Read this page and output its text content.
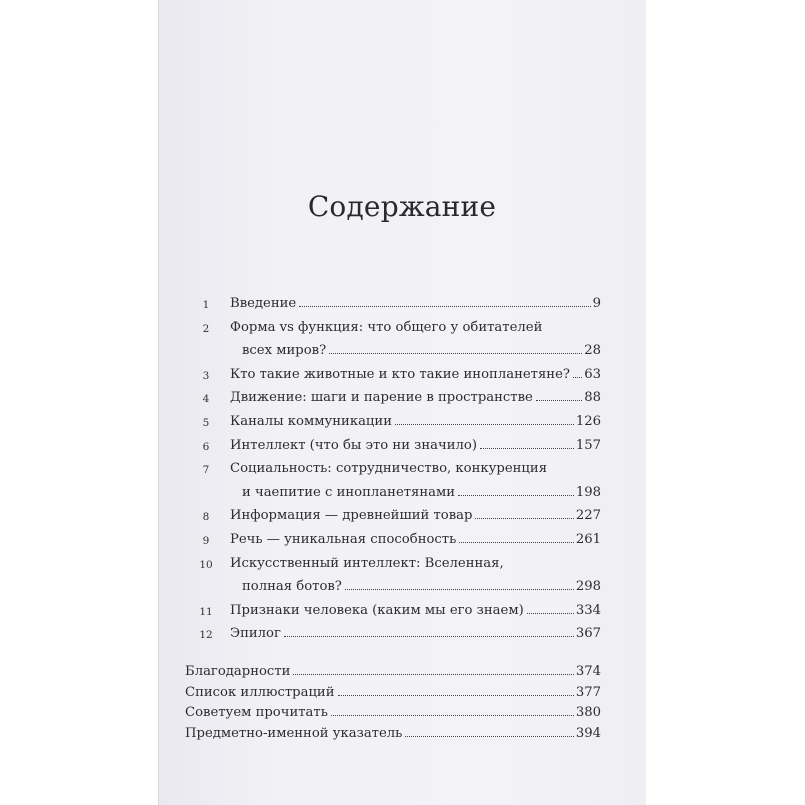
Содержание
1	Введение	9
2	Форма vs функция: что общего у обитателей
всех миров?	28
3	Кто такие животные и кто такие инопланетяне? 63
4	Движение: шаги и парение в пространстве	88
5	Каналы коммуникации	126
6	Интеллект (что бы это ни значило)	157
7	Социальность: сотрудничество, конкуренция
и чаепитие с инопланетянами	198
8	Информация — древнейший товар	227
9	Речь — уникальная способность	261
10 Искусственный интеллект: Вселенная,
полная ботов?	298
11 Признаки человека (каким мы его знаем)	334
12 Эпилог	367
Благодарности	374
Список иллюстраций	377
Советуем прочитать	380
Предметно-именной указатель	394
